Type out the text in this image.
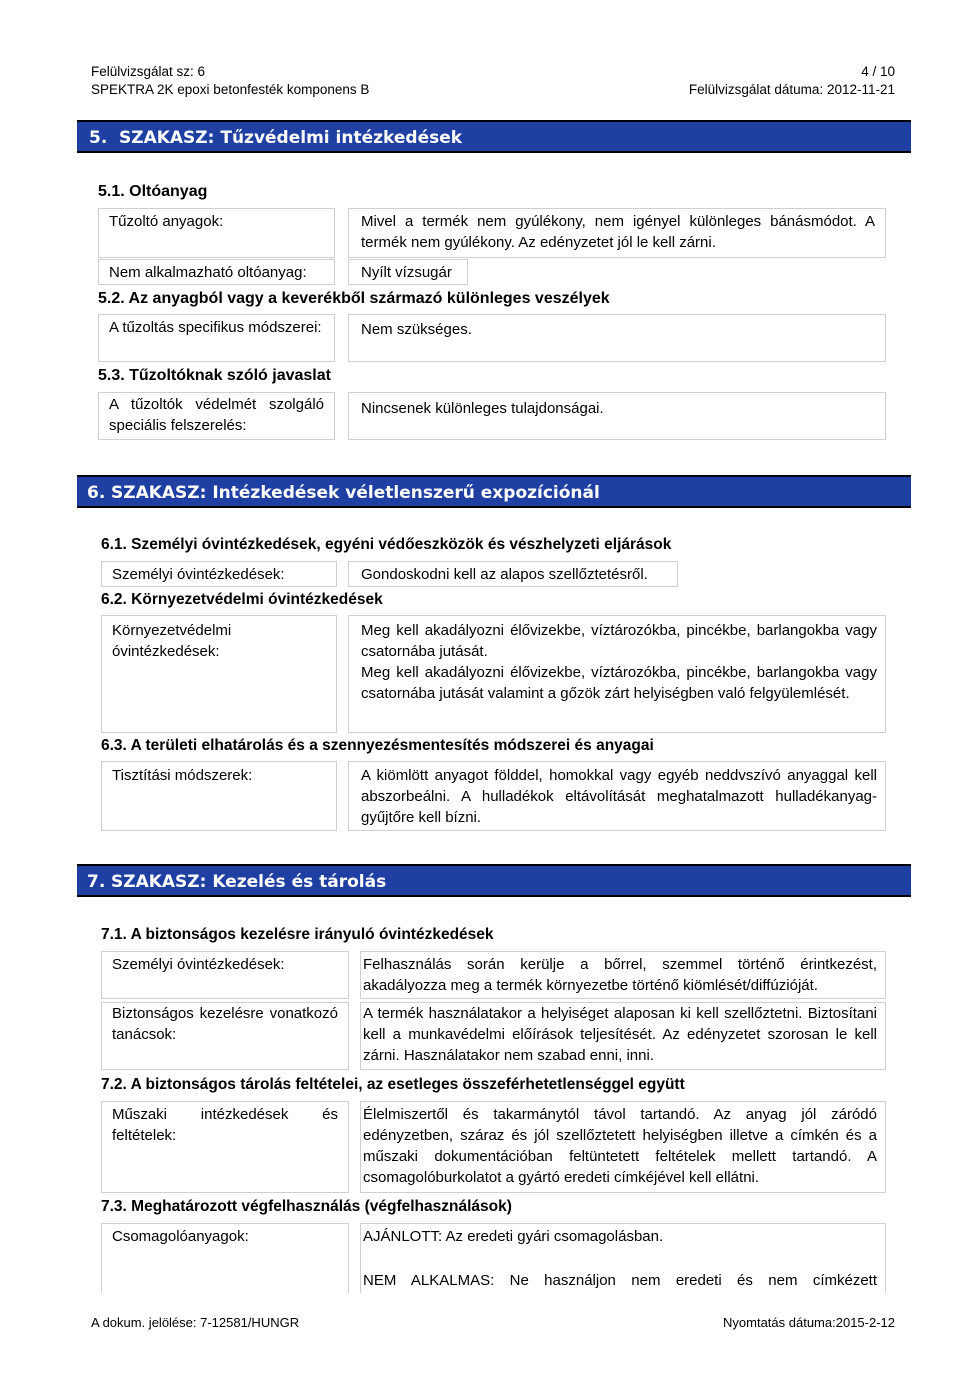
Felülvizsgálat sz: 6
SPEKTRA 2K epoxi betonfesték komponens B
4 / 10
Felülvizsgálat dátuma: 2012-11-21
5. SZAKASZ: Tűzvédelmi intézkedések
5.1. Oltóanyag
Tűzoltó anyagok:	Mivel a termék nem gyúlékony, nem igényel különleges bánásmódot. A termék nem gyúlékony. Az edényzetet jól le kell zárni.
Nem alkalmazható oltóanyag:	Nyílt vízsugár
5.2. Az anyagból vagy a keverékből származó különleges veszélyek
A tűzoltás specifikus módszerei:	Nem szükséges.
5.3. Tűzoltóknak szóló javaslat
A tűzoltók védelmét szolgáló speciális felszerelés:
Nincsenek különleges tulajdonságai.
6. SZAKASZ: Intézkedések véletlenszerű expozíciónál
6.1. Személyi óvintézkedések, egyéni védőeszközök és vészhelyzeti eljárások
Személyi óvintézkedések:	Gondoskodni kell az alapos szellőztetésről.
6.2. Környezetvédelmi óvintézkedések
Környezetvédelmi óvintézkedések:
Meg kell akadályozni élővizekbe, víztározókba, pincékbe, barlangokba vagy csatornába jutását.
Meg kell akadályozni élővizekbe, víztározókba, pincékbe, barlangokba vagy csatornába jutását valamint a gőzök zárt helyiségben való felgyülemlését.
6.3. A területi elhatárolás és a szennyezésmentesítés módszerei és anyagai
Tisztítási módszerek:	A kiömlött anyagot földdel, homokkal vagy egyéb neddvszívó anyaggal kell abszorbeálni. A hulladékok eltávolítását meghatalmazott hulladékanyag-gyűjtőre kell bízni.
7. SZAKASZ: Kezelés és tárolás
7.1. A biztonságos kezelésre irányuló óvintézkedések
Személyi óvintézkedések:	Felhasználás során kerülje a bőrrel, szemmel történő érintkezést, akadályozza meg a termék környezetbe történő kiömlését/diffúzióját.
Biztonságos kezelésre vonatkozó tanácsok:
A termék használatakor a helyiséget alaposan ki kell szellőztetni. Biztosítani kell a munkavédelmi előírások teljesítését. Az edényzetet szorosan le kell zárni. Használatakor nem szabad enni, inni.
7.2. A biztonságos tárolás feltételei, az esetleges összeférhetetlenséggel együtt
Műszaki intézkedések és feltételek:
Élelmiszertől és takarmánytól távol tartandó. Az anyag jól záródó edényzetben, száraz és jól szellőztetett helyiségben illetve a címkén és a műszaki dokumentációban feltüntetett feltételek mellett tartandó. A csomagolóburkolatot a gyártó eredeti címkéjével kell ellátni.
7.3. Meghatározott végfelhasználás (végfelhasználások)
Csomagolóanyagok:	AJÁNLOTT: Az eredeti gyári csomagolásban.
NEM ALKALMAS: Ne használjon nem eredeti és nem címkézett
A dokum. jelölése: 7-12581/HUNGR	Nyomtatás dátuma:2015-2-12
